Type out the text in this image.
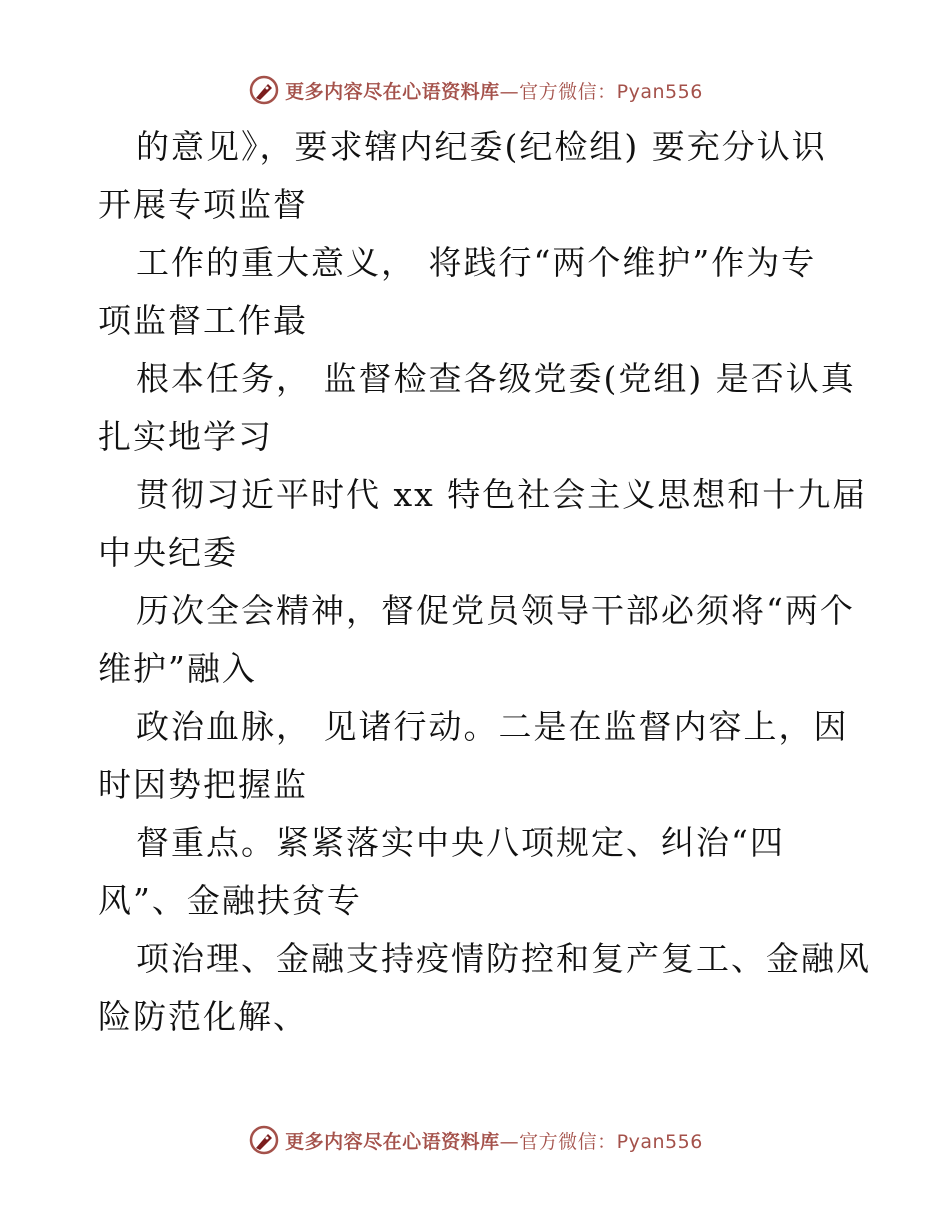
更多内容尽在心语资料库—官方微信：Pyan556
的意见》，要求辖内纪委(纪检组) 要充分认识
开展专项监督
工作的重大意义， 将践行“两个维护”作为专
项监督工作最
根本任务， 监督检查各级党委(党组) 是否认真
扎实地学习
贯彻习近平时代 xx 特色社会主义思想和十九届
中央纪委
历次全会精神，督促党员领导干部必须将“两个
维护”融入
政治血脉， 见诸行动。二是在监督内容上，因
时因势把握监
督重点。紧紧落实中央八项规定、纠治“四
风”、金融扶贫专
项治理、金融支持疫情防控和复产复工、金融风
险防范化解、
更多内容尽在心语资料库—官方微信：Pyan556
